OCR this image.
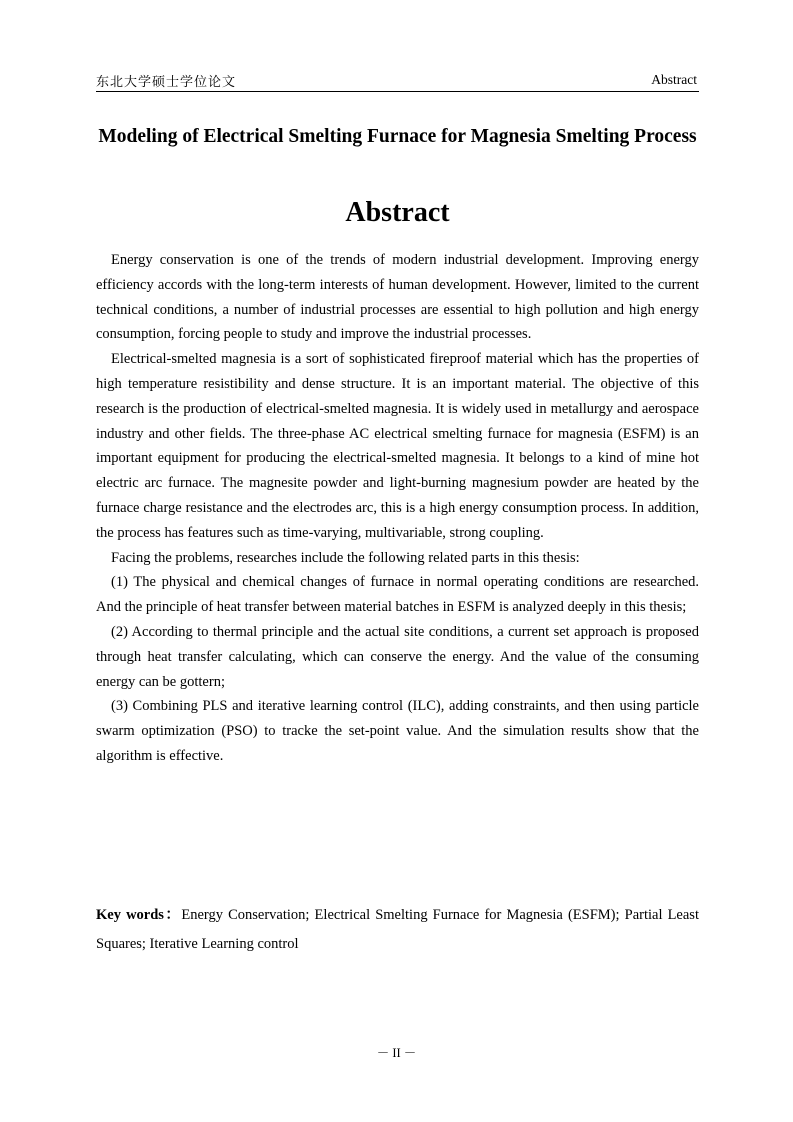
东北大学硕士学位论文	Abstract
Modeling of Electrical Smelting Furnace for Magnesia Smelting Process
Abstract

Energy conservation is one of the trends of modern industrial development. Improving energy efficiency accords with the long-term interests of human development. However, limited to the current technical conditions, a number of industrial processes are essential to high pollution and high energy consumption, forcing people to study and improve the industrial processes.

Electrical-smelted magnesia is a sort of sophisticated fireproof material which has the properties of high temperature resistibility and dense structure. It is an important material. The objective of this research is the production of electrical-smelted magnesia. It is widely used in metallurgy and aerospace industry and other fields. The three-phase AC electrical smelting furnace for magnesia (ESFM) is an important equipment for producing the electrical-smelted magnesia. It belongs to a kind of mine hot electric arc furnace. The magnesite powder and light-burning magnesium powder are heated by the furnace charge resistance and the electrodes arc, this is a high energy consumption process. In addition, the process has features such as time-varying, multivariable, strong coupling.

Facing the problems, researches include the following related parts in this thesis:

(1) The physical and chemical changes of furnace in normal operating conditions are researched. And the principle of heat transfer between material batches in ESFM is analyzed deeply in this thesis;

(2) According to thermal principle and the actual site conditions, a current set approach is proposed through heat transfer calculating, which can conserve the energy. And the value of the consuming energy can be gottern;

(3) Combining PLS and iterative learning control (ILC), adding constraints, and then using particle swarm optimization (PSO) to tracke the set-point value. And the simulation results show that the algorithm is effective.

Key words：Energy Conservation; Electrical Smelting Furnace for Magnesia (ESFM); Partial Least Squares; Iterative Learning control
－ II －
